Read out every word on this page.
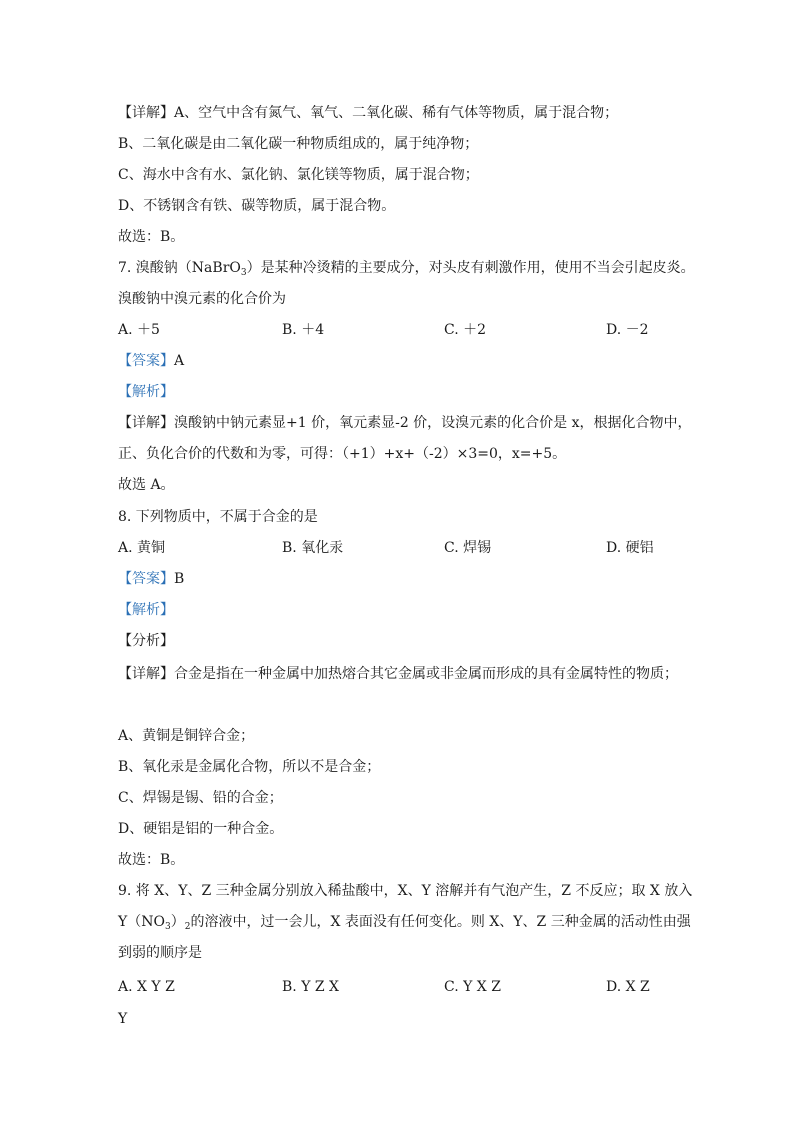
【详解】A、空气中含有氮气、氧气、二氧化碳、稀有气体等物质，属于混合物；
B、二氧化碳是由二氧化碳一种物质组成的，属于纯净物；
C、海水中含有水、氯化钠、氯化镁等物质，属于混合物；
D、不锈钢含有铁、碳等物质，属于混合物。
故选：B。
7. 溴酸钠（NaBrO$_3$）是某种冷烫精的主要成分，对头皮有刺激作用，使用不当会引起皮炎。
溴酸钠中溴元素的化合价为
A. ＋5	B. ＋4	C. ＋2	D. －2
【答案】A
【解析】
【详解】溴酸钠中钠元素显+1 价，氧元素显-2 价，设溴元素的化合价是 x，根据化合物中，
正、负化合价的代数和为零，可得：（+1）+x+（-2）×3=0，x=+5。
故选 A。
8. 下列物质中，不属于合金的是
A. 黄铜	B. 氧化汞	C. 焊锡	D. 硬铝
【答案】B
【解析】
【分析】
【详解】合金是指在一种金属中加热熔合其它金属或非金属而形成的具有金属特性的物质；
A、黄铜是铜锌合金；
B、氧化汞是金属化合物，所以不是合金；
C、焊锡是锡、铅的合金；
D、硬铝是铝的一种合金。
故选：B。
9. 将 X、Y、Z 三种金属分别放入稀盐酸中，X、Y 溶解并有气泡产生，Z 不反应；取 X 放入
$Y(NO_3)_2$的溶液中，过一会儿，X 表面没有任何变化。则 X、Y、Z 三种金属的活动性由强
到弱的顺序是
A. X Y Z	B. Y Z X	C. Y X Z	D. X Z
Y
